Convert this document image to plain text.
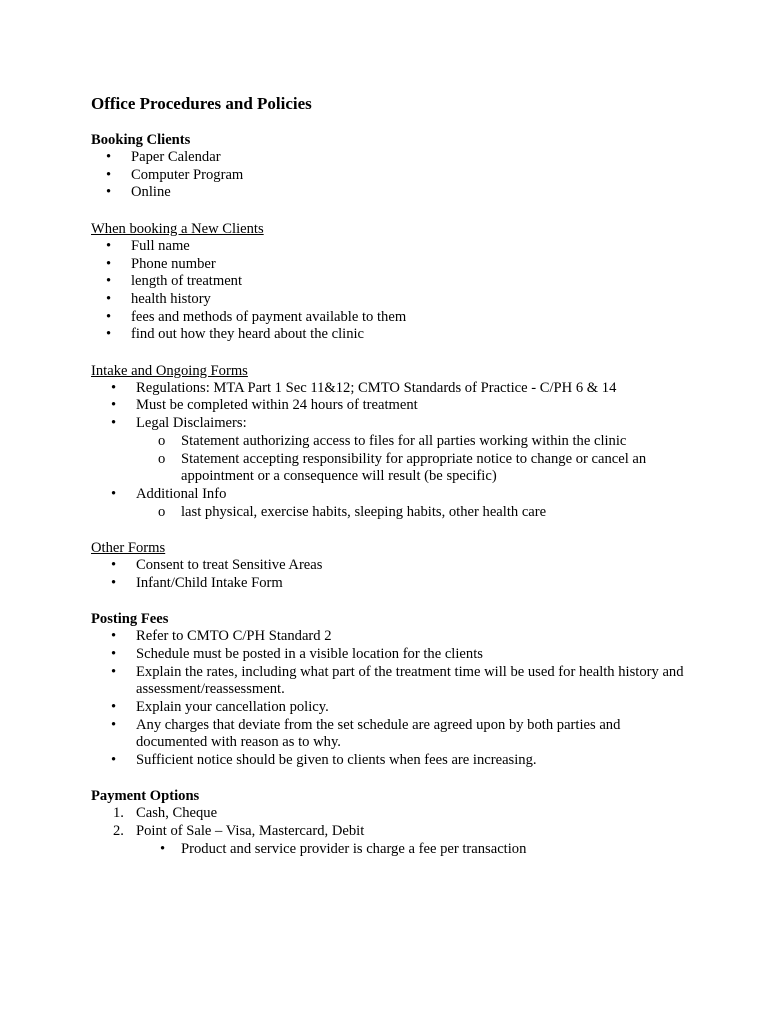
Office Procedures and Policies
Booking Clients
• Paper Calendar
• Computer Program
• Online
When booking a New Clients
• Full name
• Phone number
• length of treatment
• health history
• fees and methods of payment available to them
• find out how they heard about the clinic
Intake and Ongoing Forms
• Regulations: MTA Part 1 Sec 11&12; CMTO Standards of Practice - C/PH 6 & 14
• Must be completed within 24 hours of treatment
• Legal Disclaimers:
o Statement authorizing access to files for all parties working within the clinic
o Statement accepting responsibility for appropriate notice to change or cancel an appointment or a consequence will result (be specific)
• Additional Info
o last physical, exercise habits, sleeping habits, other health care
Other Forms
• Consent to treat Sensitive Areas
• Infant/Child Intake Form
Posting Fees
• Refer to CMTO C/PH Standard 2
• Schedule must be posted in a visible location for the clients
• Explain the rates, including what part of the treatment time will be used for health history and assessment/reassessment.
• Explain your cancellation policy.
• Any charges that deviate from the set schedule are agreed upon by both parties and documented with reason as to why.
• Sufficient notice should be given to clients when fees are increasing.
Payment Options
1. Cash, Cheque
2. Point of Sale – Visa, Mastercard, Debit
• Product and service provider is charge a fee per transaction
